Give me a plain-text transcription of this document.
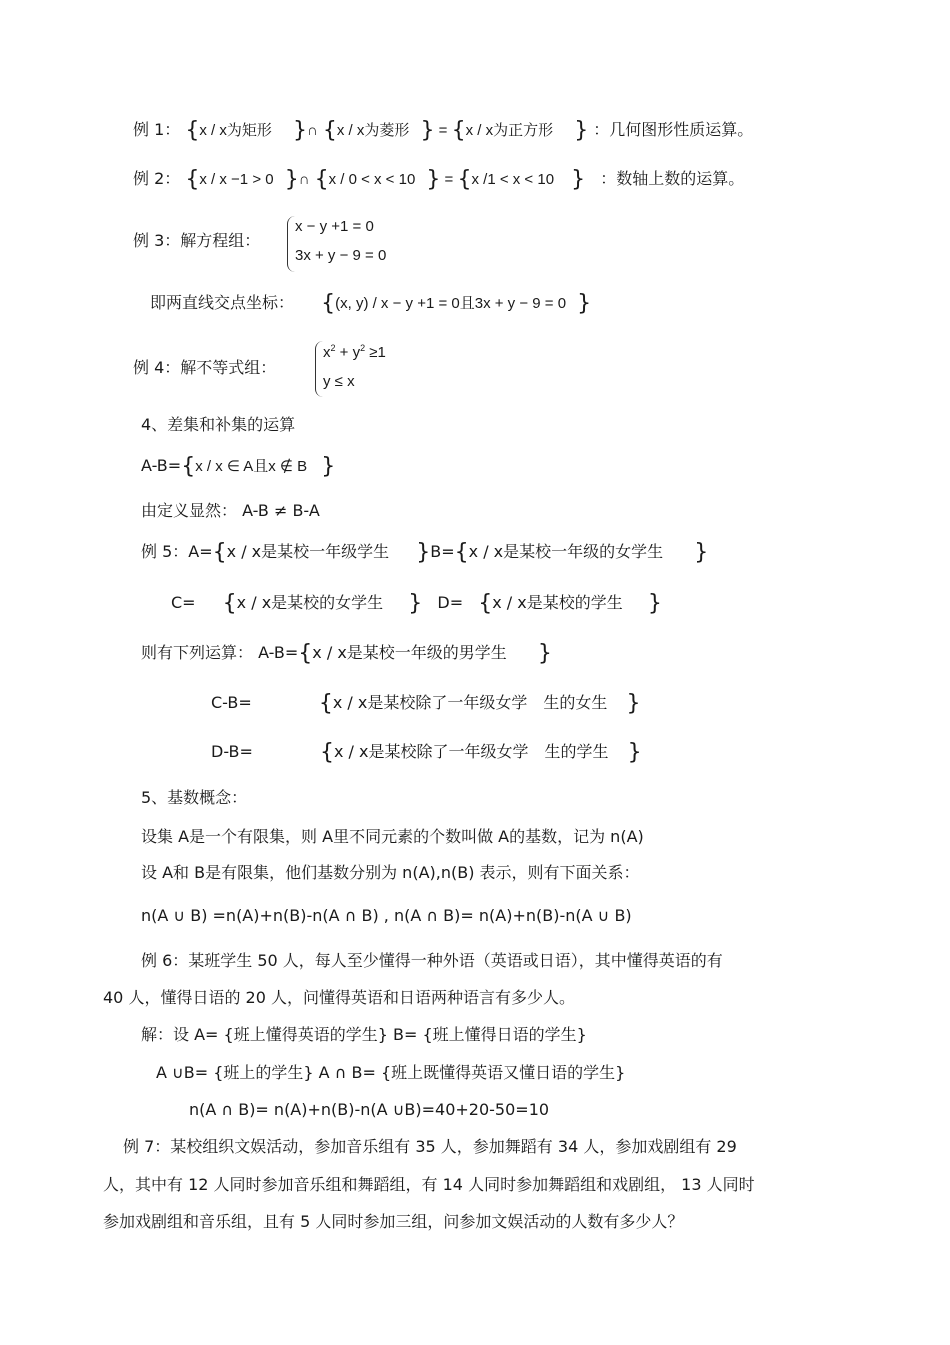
例 1： {x / x为矩形 }∩ {x / x为菱形 } = {x / x为正方形 } ：几何图形性质运算。
例 2： {x / x −1 > 0 }∩ {x / 0 < x < 10 } = {x /1 < x < 10 } ：数轴上数的运算。
例 3：解方程组：
x − y +1 = 0
3x + y − 9 = 0
即两直线交点坐标： {(x, y) / x − y +1 = 0且3x + y − 9 = 0 }
例 4：解不等式组：
$x^2 + y^2 \ge 1$
y ≤ x
4、差集和补集的运算
A-B={x / x ∈ A且x ∉ B }
由定义显然： A-B ≠ B-A
例 5：A={x / x是某校一年级学生 }B={x / x是某校一年级的女学生 }
C= {x / x是某校的女学生 } D= {x / x是某校的学生 }
则有下列运算： A-B={x / x是某校一年级的男学生 }
C-B=	{x / x是某校除了一年级女学　生的女生 }
D-B=	{x / x是某校除了一年级女学　生的学生 }
5、基数概念：
设集 A是一个有限集，则 A里不同元素的个数叫做 A的基数，记为 n(A)
设 A和 B是有限集，他们基数分别为 n(A),n(B) 表示，则有下面关系：
n(A ∪ B) =n(A)+n(B)-n(A ∩ B) , n(A ∩ B)= n(A)+n(B)-n(A ∪ B)
例 6：某班学生 50 人，每人至少懂得一种外语（英语或日语），其中懂得英语的有
40 人，懂得日语的 20 人，问懂得英语和日语两种语言有多少人。
解：设 A= {班上懂得英语的学生} B= {班上懂得日语的学生}
A ∪B= {班上的学生} A ∩ B= {班上既懂得英语又懂日语的学生}
n(A ∩ B)= n(A)+n(B)-n(A ∪B)=40+20-50=10
例 7：某校组织文娱活动，参加音乐组有 35 人，参加舞蹈有 34 人，参加戏剧组有 29
人，其中有 12 人同时参加音乐组和舞蹈组，有 14 人同时参加舞蹈组和戏剧组， 13 人同时
参加戏剧组和音乐组，且有 5 人同时参加三组，问参加文娱活动的人数有多少人？
